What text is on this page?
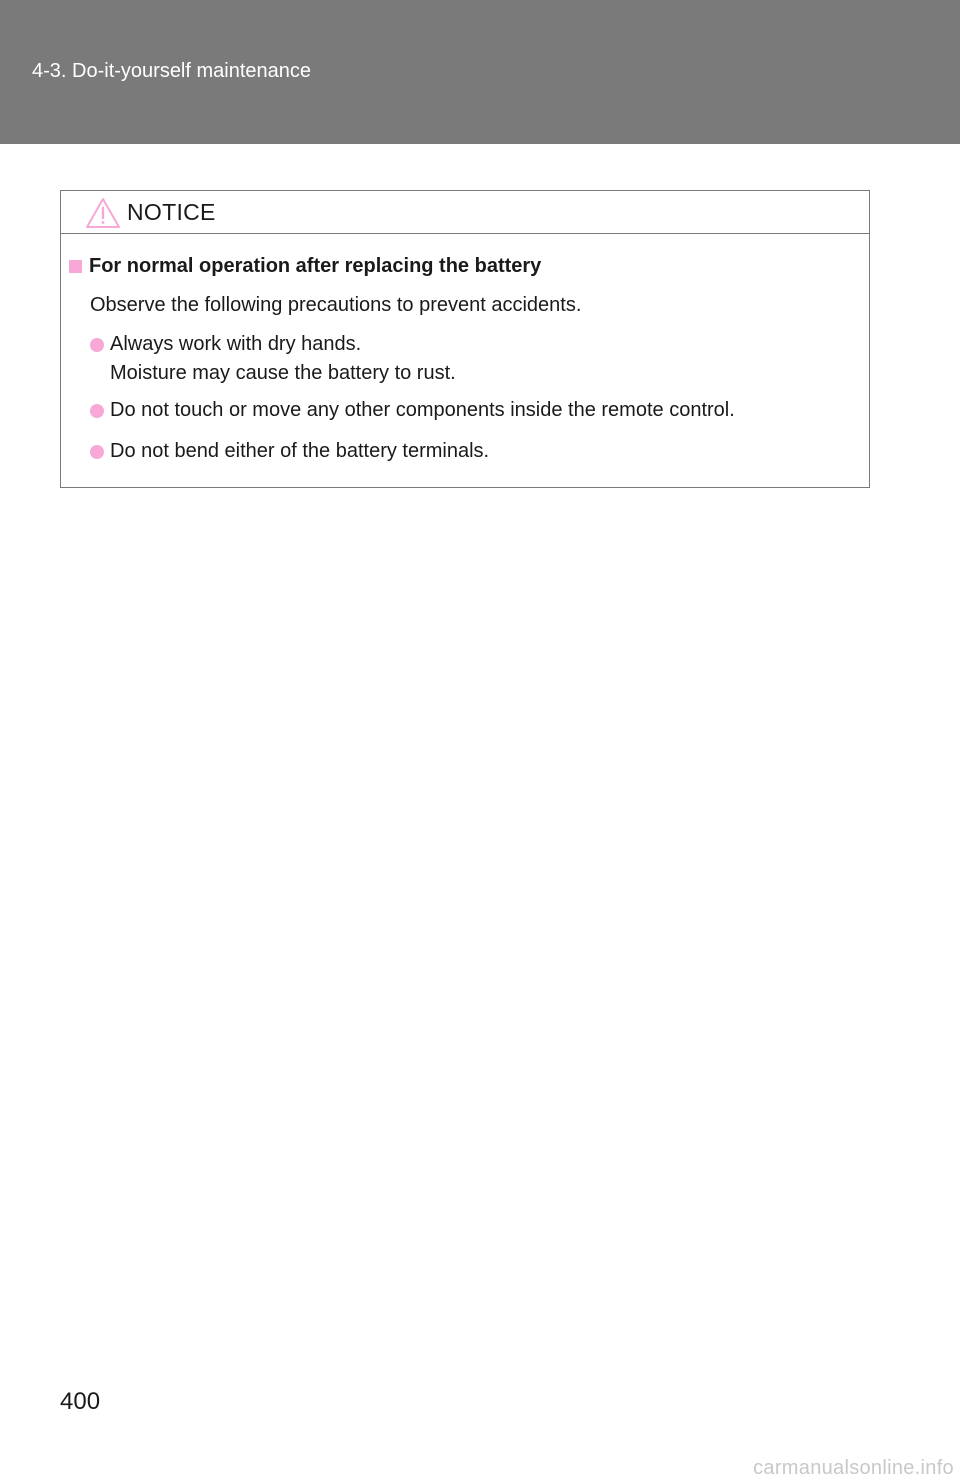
4-3. Do-it-yourself maintenance
NOTICE
For normal operation after replacing the battery
Observe the following precautions to prevent accidents.
Always work with dry hands.
Moisture may cause the battery to rust.
Do not touch or move any other components inside the remote control.
Do not bend either of the battery terminals.
400
carmanualsonline.info
